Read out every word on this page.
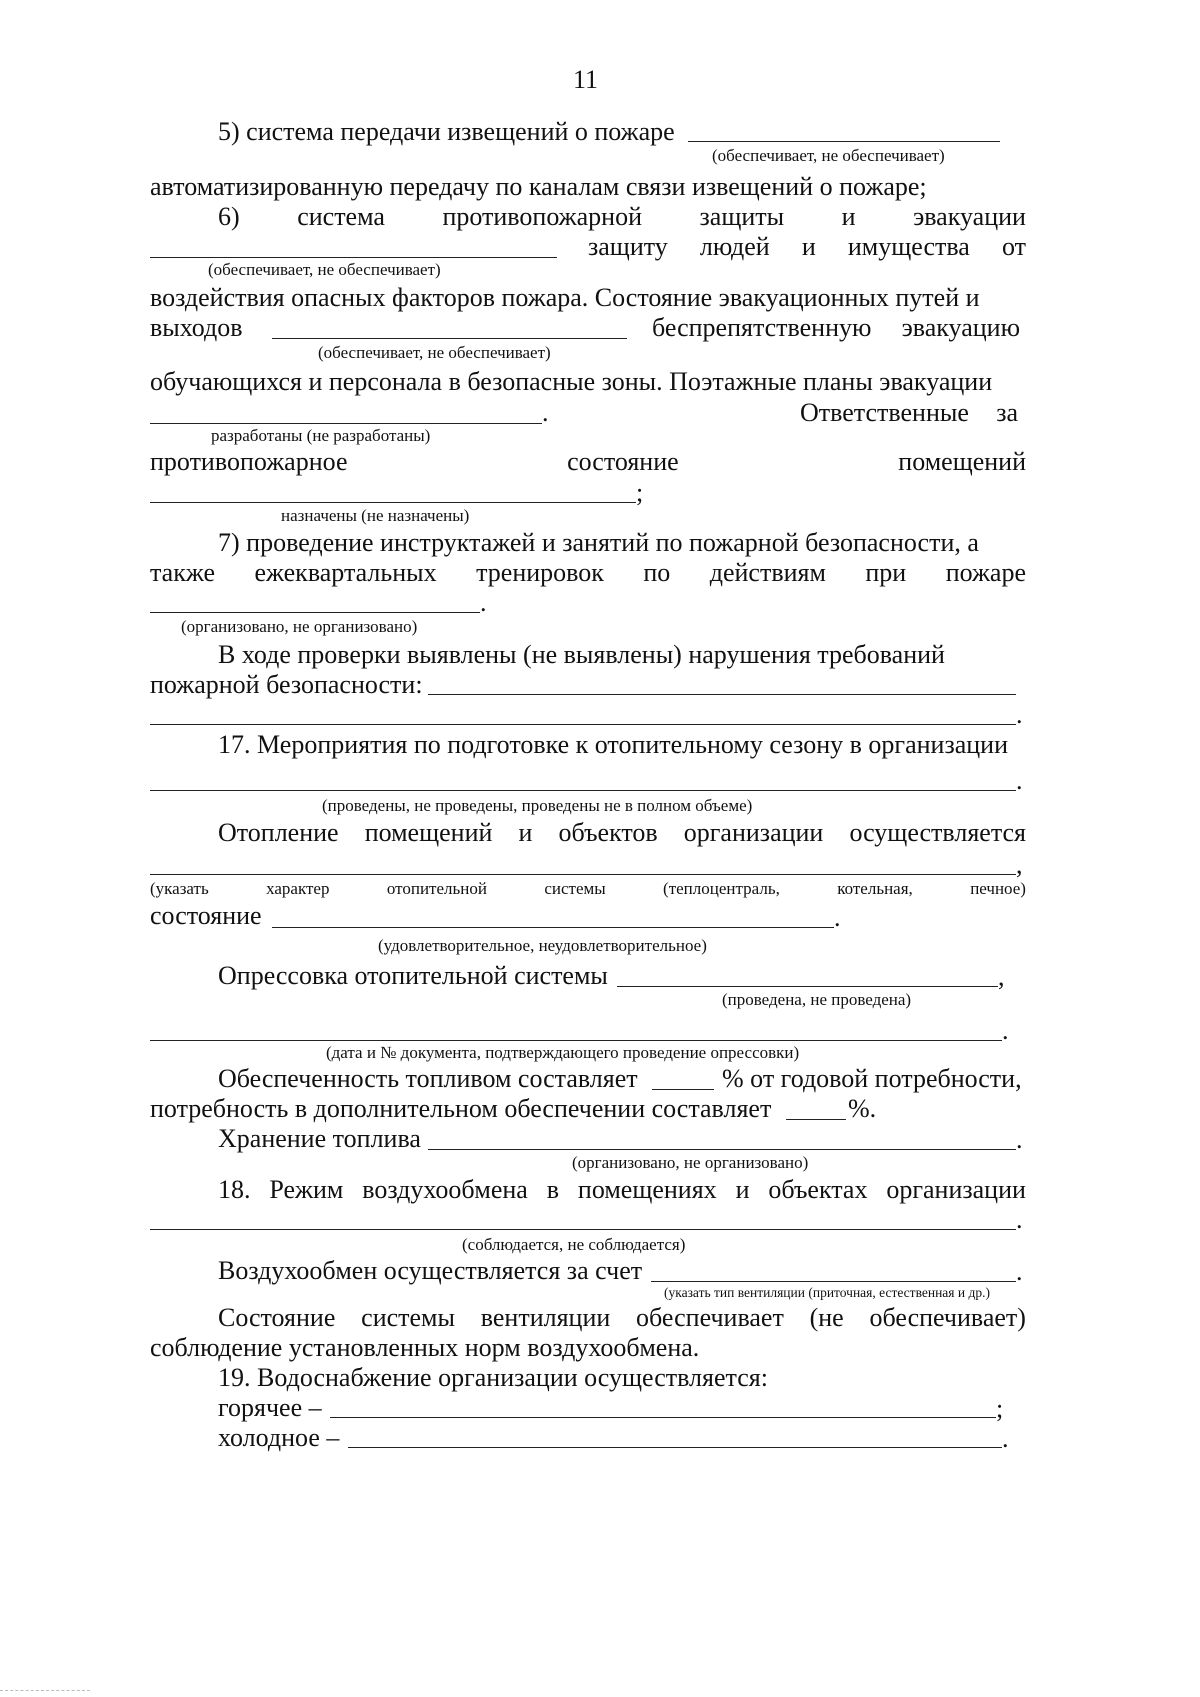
11
5) система передачи извещений о пожаре
(обеспечивает, не обеспечивает)
автоматизированную передачу по каналам связи извещений о пожаре;
6) система противопожарной защиты и эвакуации
защиту людей и имущества от
(обеспечивает, не обеспечивает)
воздействия опасных факторов пожара. Состояние эвакуационных путей и
выходов	беспрепятственную эвакуацию
(обеспечивает, не обеспечивает)
обучающихся и персонала в безопасные зоны. Поэтажные планы эвакуации
.	Ответственные за
разработаны (не разработаны)
противопожарное	состояние	помещений
;
назначены (не назначены)
7) проведение инструктажей и занятий по пожарной безопасности, а
также ежеквартальных тренировок по действиям при пожаре
.
(организовано, не организовано)
В ходе проверки выявлены (не выявлены) нарушения требований
пожарной безопасности:
.
17. Мероприятия по подготовке к отопительному сезону в организации
.
(проведены, не проведены, проведены не в полном объеме)
Отопление помещений и объектов организации осуществляется
,
(указать	характер	отопительной	системы	(теплоцентраль,	котельная,	печное)
состояние	.
(удовлетворительное, неудовлетворительное)
Опрессовка отопительной системы	,
(проведена, не проведена)
.
(дата и № документа, подтверждающего проведение опрессовки)
Обеспеченность топливом составляет	% от годовой потребности,
потребность в дополнительном обеспечении составляет	%.
Хранение топлива	.
(организовано, не организовано)
18. Режим воздухообмена в помещениях и объектах организации
.
(соблюдается, не соблюдается)
Воздухообмен осуществляется за счет	.
(указать тип вентиляции (приточная, естественная и др.)
Состояние системы вентиляции обеспечивает (не обеспечивает)
соблюдение установленных норм воздухообмена.
19. Водоснабжение организации осуществляется:
горячее –	;
холодное –	.
